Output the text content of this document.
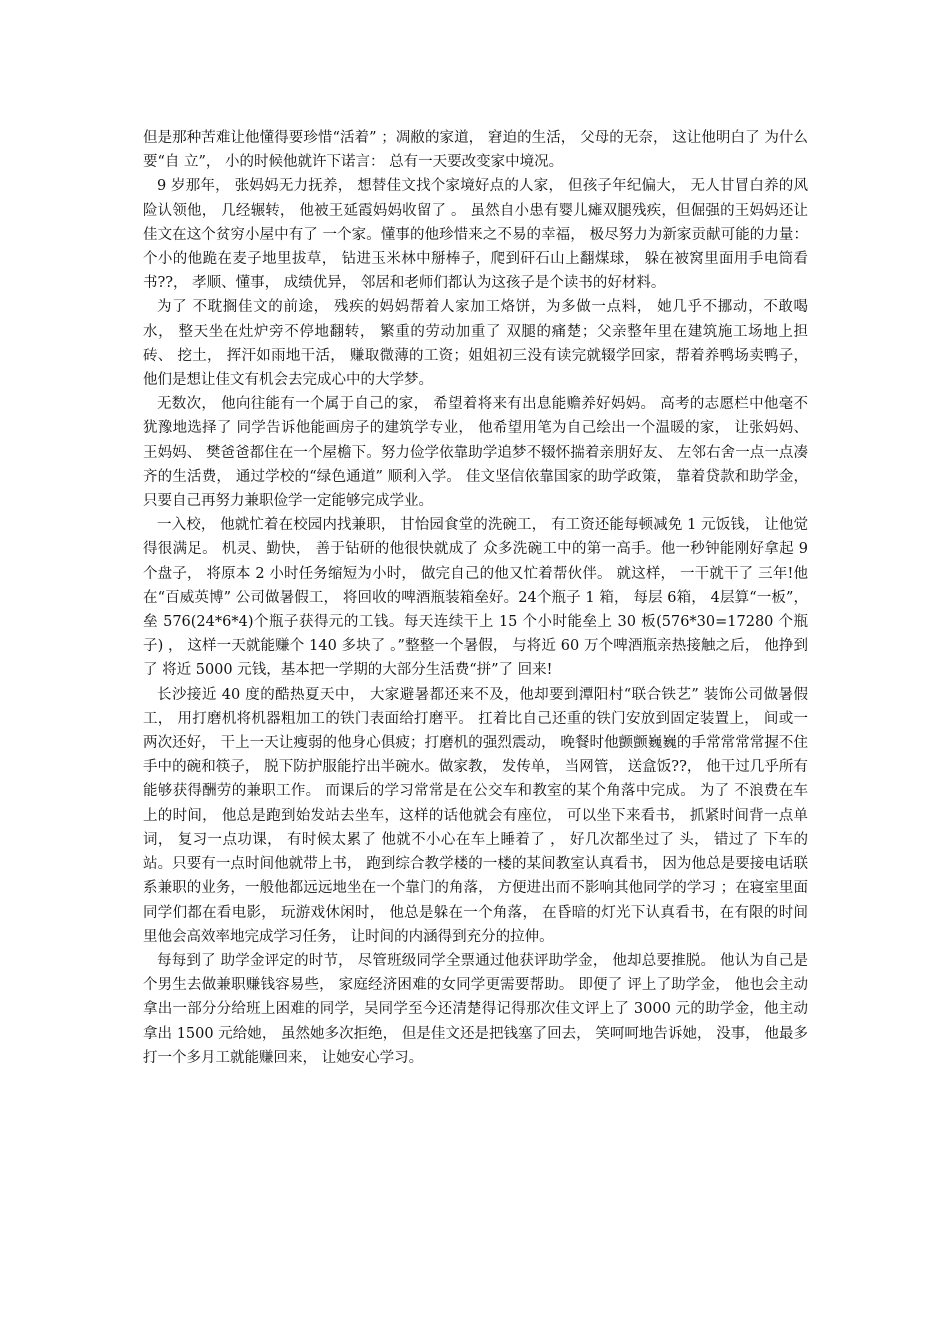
但是那种苦难让他懂得要珍惜“活着” ；凋敝的家道， 窘迫的生活， 父母的无奈， 这让他明白了 为什么要“自 立”， 小的时候他就许下诺言： 总有一天要改变家中境况。

9 岁那年， 张妈妈无力抚养， 想替佳文找个家境好点的人家， 但孩子年纪偏大， 无人甘冒白养的风险认领他， 几经辗转， 他被王延霞妈妈收留了 。 虽然自小患有婴儿瘫双腿残疾，但倔强的王妈妈还让佳文在这个贫穷小屋中有了 一个家。懂事的他珍惜来之不易的幸福， 极尽努力为新家贡献可能的力量： 个小的他跪在麦子地里拔草， 钻进玉米林中掰棒子，爬到矸石山上翻煤球， 躲在被窝里面用手电筒看书??， 孝顺、懂事， 成绩优异， 邻居和老师们都认为这孩子是个读书的好材料。

为了 不耽搁佳文的前途， 残疾的妈妈帮着人家加工烙饼，为多做一点料， 她几乎不挪动，不敢喝水， 整天坐在灶炉旁不停地翻转， 繁重的劳动加重了 双腿的痛楚；父亲整年里在建筑施工场地上担砖、 挖土， 挥汗如雨地干活， 赚取微薄的工资；姐姐初三没有读完就辍学回家，帮着养鸭场卖鸭子， 他们是想让佳文有机会去完成心中的大学梦。

无数次， 他向往能有一个属于自己的家， 希望着将来有出息能赡养好妈妈。 高考的志愿栏中他毫不犹豫地选择了 同学告诉他能画房子的建筑学专业， 他希望用笔为自己绘出一个温暖的家， 让张妈妈、 王妈妈、 樊爸爸都住在一个屋檐下。努力俭学依靠助学追梦不辍怀揣着亲朋好友、 左邻右舍一点一点凑齐的生活费， 通过学校的“绿色通道” 顺利入学。 佳文坚信依靠国家的助学政策， 靠着贷款和助学金， 只要自己再努力兼职俭学一定能够完成学业。

一入校， 他就忙着在校园内找兼职， 甘怡园食堂的洗碗工， 有工资还能每顿减免 1 元饭钱， 让他觉得很满足。 机灵、勤快， 善于钻研的他很快就成了 众多洗碗工中的第一高手。他一秒钟能刚好拿起 9 个盘子， 将原本 2 小时任务缩短为小时， 做完自己的他又忙着帮伙伴。 就这样， 一干就干了 三年!他在“百威英博” 公司做暑假工， 将回收的啤酒瓶装箱垒好。24个瓶子 1 箱， 每层 6箱， 4层算“一板”， 垒 576(24*6*4)个瓶子获得元的工钱。每天连续干上 15 个小时能垒上 30 板(576*30=17280 个瓶子) ， 这样一天就能赚个 140 多块了 。”整整一个暑假， 与将近 60 万个啤酒瓶亲热接触之后， 他挣到了 将近 5000 元钱，基本把一学期的大部分生活费“拼”了 回来!

长沙接近 40 度的酷热夏天中， 大家避暑都还来不及，他却要到潭阳村“联合铁艺” 装饰公司做暑假工， 用打磨机将机器粗加工的铁门表面给打磨平。 扛着比自己还重的铁门安放到固定装置上， 间或一两次还好， 干上一天让瘦弱的他身心俱疲；打磨机的强烈震动， 晚餐时他颤颤巍巍的手常常常常握不住手中的碗和筷子， 脱下防护服能拧出半碗水。做家教， 发传单， 当网管， 送盒饭??， 他干过几乎所有能够获得酬劳的兼职工作。 而课后的学习常常是在公交车和教室的某个角落中完成。 为了 不浪费在车上的时间， 他总是跑到始发站去坐车，这样的话他就会有座位， 可以坐下来看书， 抓紧时间背一点单词， 复习一点功课， 有时候太累了 他就不小心在车上睡着了 ， 好几次都坐过了 头， 错过了 下车的站。只要有一点时间他就带上书， 跑到综合教学楼的一楼的某间教室认真看书， 因为他总是要接电话联系兼职的业务，一般他都远远地坐在一个靠门的角落， 方便进出而不影响其他同学的学习 ；在寝室里面同学们都在看电影， 玩游戏休闲时， 他总是躲在一个角落， 在昏暗的灯光下认真看书，在有限的时间里他会高效率地完成学习任务， 让时间的内涵得到充分的拉伸。

每每到了 助学金评定的时节， 尽管班级同学全票通过他获评助学金， 他却总要推脱。 他认为自己是个男生去做兼职赚钱容易些， 家庭经济困难的女同学更需要帮助。 即便了 评上了助学金， 他也会主动拿出一部分分给班上困难的同学，吴同学至今还清楚得记得那次佳文评上了 3000 元的助学金，他主动拿出 1500 元给她， 虽然她多次拒绝， 但是佳文还是把钱塞了回去， 笑呵呵地告诉她， 没事， 他最多打一个多月工就能赚回来， 让她安心学习。
